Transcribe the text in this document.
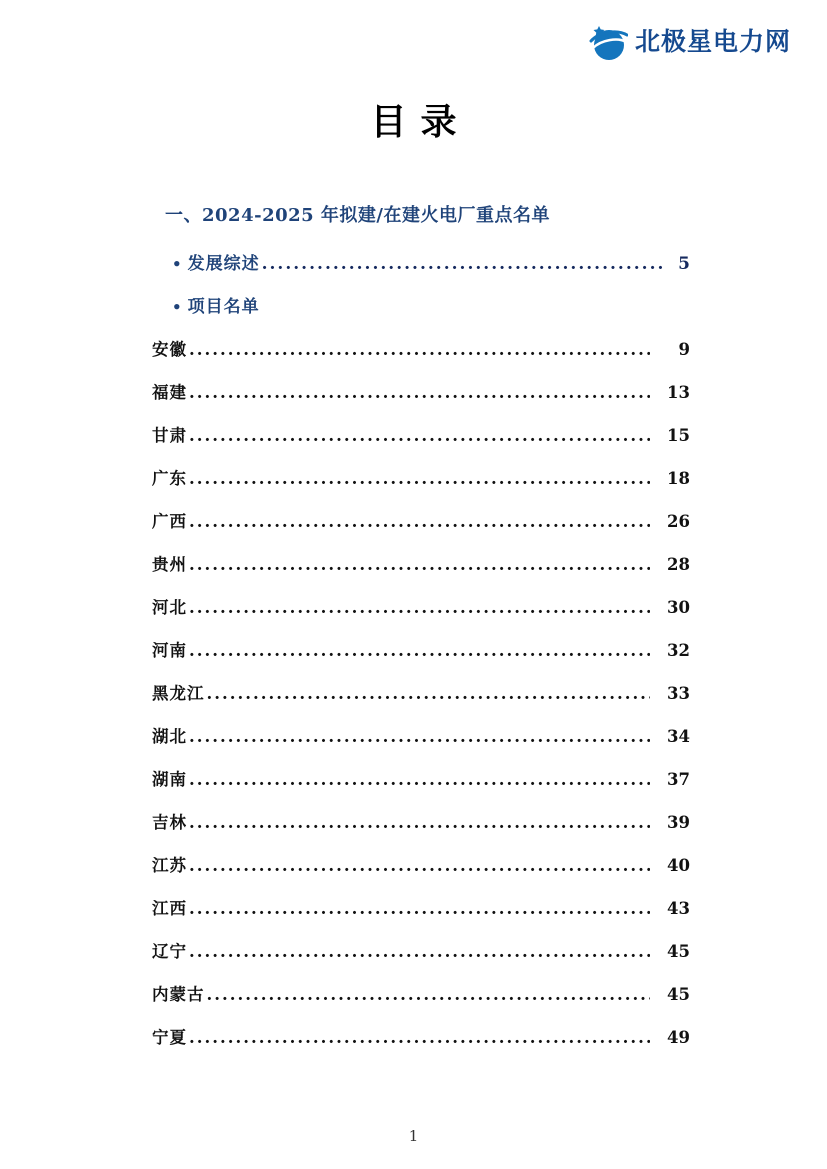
北极星电力网
目录
一、2024-2025 年拟建/在建火电厂重点名单
• 发展综述 .....	5
• 项目名单
安徽 .....	9
福建 .....	13
甘肃 .....	15
广东 .....	18
广西 .....	26
贵州 .....	28
河北 .....	30
河南 .....	32
黑龙江 .....	33
湖北 .....	34
湖南 .....	37
吉林 .....	39
江苏 .....	40
江西 .....	43
辽宁 .....	45
内蒙古 .....	45
宁夏 .....	49
1
